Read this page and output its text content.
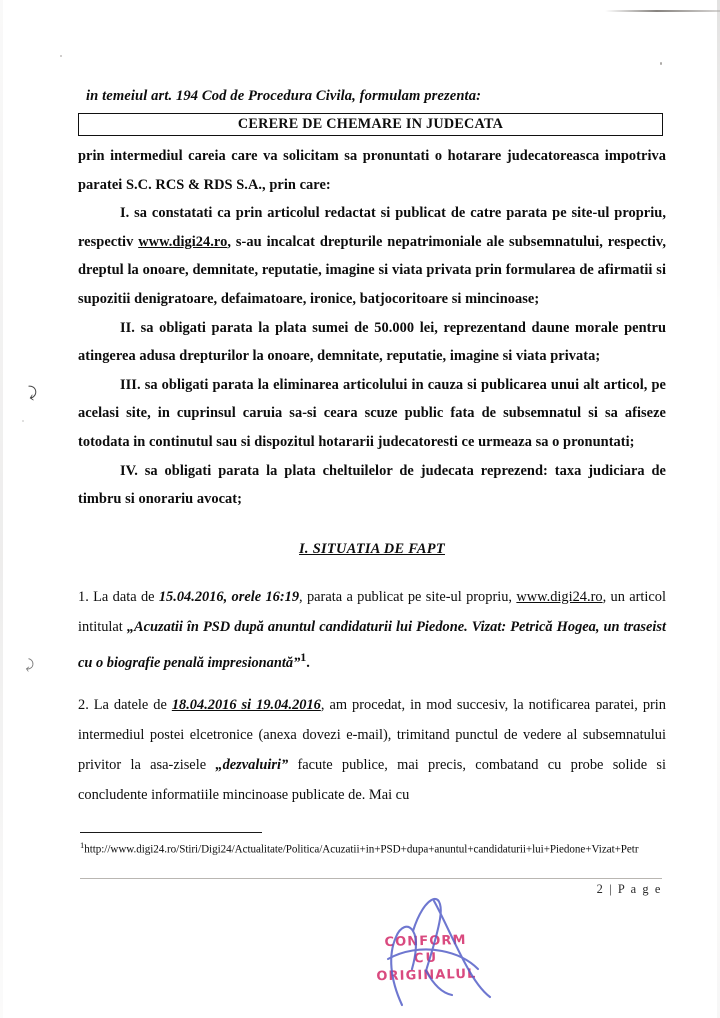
in temeiul art. 194 Cod de Procedura Civila, formulam prezenta:
CERERE DE CHEMARE IN JUDECATA

prin intermediul careia care va solicitam sa pronuntati o hotarare judecatoreasca impotriva paratei S.C. RCS & RDS S.A., prin care:

I. sa constatati ca prin articolul redactat si publicat de catre parata pe site-ul propriu, respectiv www.digi24.ro, s-au incalcat drepturile nepatrimoniale ale subsemnatului, respectiv, dreptul la onoare, demnitate, reputatie, imagine si viata privata prin formularea de afirmatii si supozitii denigratoare, defaimatoare, ironice, batjocoritoare si mincinoase;

II. sa obligati parata la plata sumei de 50.000 lei, reprezentand daune morale pentru atingerea adusa drepturilor la onoare, demnitate, reputatie, imagine si viata privata;

III. sa obligati parata la eliminarea articolului in cauza si publicarea unui alt articol, pe acelasi site, in cuprinsul caruia sa-si ceara scuze public fata de subsemnatul si sa afiseze totodata in continutul sau si dispozitul hotararii judecatoresti ce urmeaza sa o pronuntati;

IV. sa obligati parata la plata cheltuilelor de judecata reprezend: taxa judiciara de timbru si onorariu avocat;

I. SITUATIA DE FAPT

1. La data de 15.04.2016, orele 16:19, parata a publicat pe site-ul propriu, www.digi24.ro, un articol intitulat „Acuzatii în PSD după anuntul candidaturii lui Piedone. Vizat: Petrică Hogea, un traseist cu o biografie penală impresionantă”$^1$.

2. La datele de 18.04.2016 si 19.04.2016, am procedat, in mod succesiv, la notificarea paratei, prin intermediul postei elcetronice (anexa dovezi e-mail), trimitand punctul de vedere al subsemnatului privitor la asa-zisele „dezvaluiri” facute publice, mai precis, combatand cu probe solide si concludente informatiile mincinoase publicate de. Mai cu

$^1$http://www.digi24.ro/Stiri/Digi24/Actualitate/Politica/Acuzatii+in+PSD+dupa+anuntul+candidaturii+lui+Piedone+Vizat+Petr
2 | P a g e
⤸
⤸
CONFORM
CU
ORIGINALUL
